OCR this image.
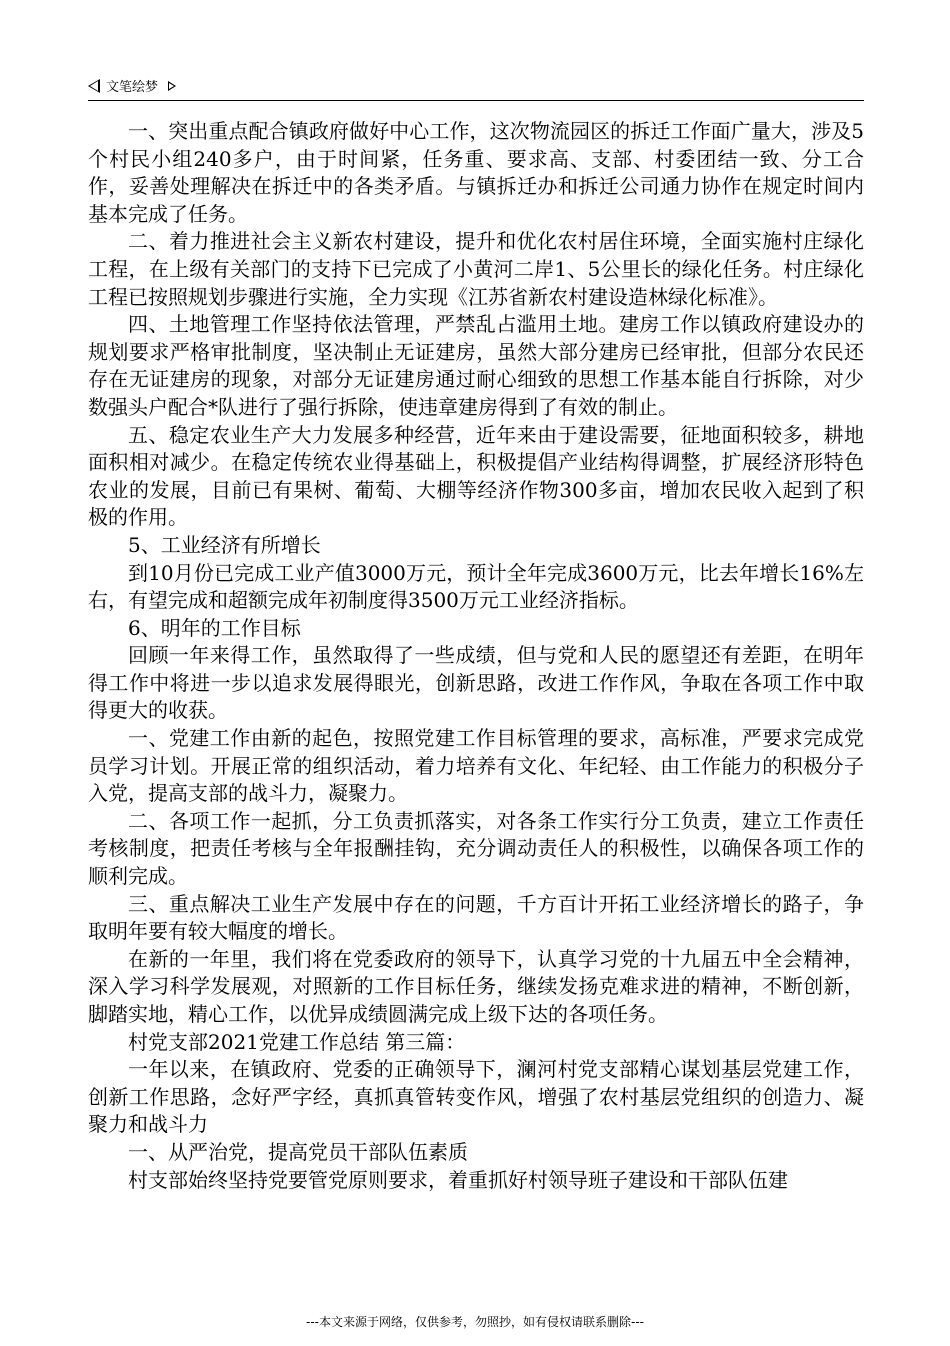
文笔绘梦

一、突出重点配合镇政府做好中心工作，这次物流园区的拆迁工作面广量大，涉及5个村民小组240多户，由于时间紧，任务重、要求高、支部、村委团结一致、分工合作，妥善处理解决在拆迁中的各类矛盾。与镇拆迁办和拆迁公司通力协作在规定时间内基本完成了任务。

二、着力推进社会主义新农村建设，提升和优化农村居住环境，全面实施村庄绿化工程，在上级有关部门的支持下已完成了小黄河二岸1、5公里长的绿化任务。村庄绿化工程已按照规划步骤进行实施，全力实现《江苏省新农村建设造林绿化标准》。

四、土地管理工作坚持依法管理，严禁乱占滥用土地。建房工作以镇政府建设办的规划要求严格审批制度，坚决制止无证建房，虽然大部分建房已经审批，但部分农民还存在无证建房的现象，对部分无证建房通过耐心细致的思想工作基本能自行拆除，对少数强头户配合*队进行了强行拆除，使违章建房得到了有效的制止。

五、稳定农业生产大力发展多种经营，近年来由于建设需要，征地面积较多，耕地面积相对减少。在稳定传统农业得基础上，积极提倡产业结构得调整，扩展经济形特色农业的发展，目前已有果树、葡萄、大棚等经济作物300多亩，增加农民收入起到了积极的作用。

5、工业经济有所增长

到10月份已完成工业产值3000万元，预计全年完成3600万元，比去年增长16%左右，有望完成和超额完成年初制度得3500万元工业经济指标。

6、明年的工作目标

回顾一年来得工作，虽然取得了一些成绩，但与党和人民的愿望还有差距，在明年得工作中将进一步以追求发展得眼光，创新思路，改进工作作风，争取在各项工作中取得更大的收获。

一、党建工作由新的起色，按照党建工作目标管理的要求，高标准，严要求完成党员学习计划。开展正常的组织活动，着力培养有文化、年纪轻、由工作能力的积极分子入党，提高支部的战斗力，凝聚力。

二、各项工作一起抓，分工负责抓落实，对各条工作实行分工负责，建立工作责任考核制度，把责任考核与全年报酬挂钩，充分调动责任人的积极性，以确保各项工作的顺利完成。

三、重点解决工业生产发展中存在的问题，千方百计开拓工业经济增长的路子，争取明年要有较大幅度的增长。

在新的一年里，我们将在党委政府的领导下，认真学习党的十九届五中全会精神，深入学习科学发展观，对照新的工作目标任务，继续发扬克难求进的精神，不断创新，脚踏实地，精心工作，以优异成绩圆满完成上级下达的各项任务。

村党支部2021党建工作总结 第三篇：

一年以来，在镇政府、党委的正确领导下，澜河村党支部精心谋划基层党建工作，创新工作思路，念好严字经，真抓真管转变作风，增强了农村基层党组织的创造力、凝聚力和战斗力

一、从严治党，提高党员干部队伍素质

村支部始终坚持党要管党原则要求，着重抓好村领导班子建设和干部队伍建

---本文来源于网络，仅供参考，勿照抄，如有侵权请联系删除---
